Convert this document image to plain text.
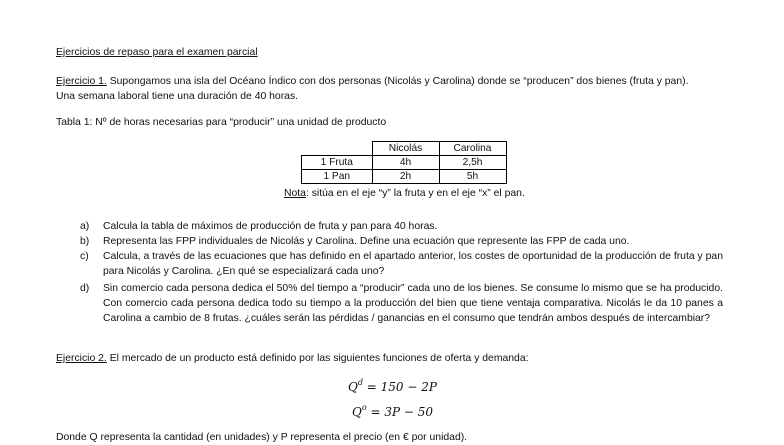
Ejercicios de repaso para el examen parcial
Ejercicio 1. Supongamos una isla del Océano Índico con dos personas (Nicolás y Carolina) donde se “producen” dos bienes (fruta y pan).
Una semana laboral tiene una duración de 40 horas.
Tabla 1: Nº de horas necesarias para “producir” una unidad de producto
	Nicolás	Carolina
1 Fruta	4h	2,5h
1 Pan	2h	5h
Nota: sitúa en el eje “y” la fruta y en el eje “x” el pan.
a) Calcula la tabla de máximos de producción de fruta y pan para 40 horas.
b) Representa las FPP individuales de Nicolás y Carolina. Define una ecuación que represente las FPP de cada uno.
c) Calcula, a través de las ecuaciones que has definido en el apartado anterior, los costes de oportunidad de la producción de fruta y pan para Nicolás y Carolina. ¿En qué se especializará cada uno?
d) Sin comercio cada persona dedica el 50% del tiempo a “producir” cada uno de los bienes. Se consume lo mismo que se ha producido. Con comercio cada persona dedica todo su tiempo a la producción del bien que tiene ventaja comparativa. Nicolás le da 10 panes a Carolina a cambio de 8 frutas. ¿cuáles serán las pérdidas / ganancias en el consumo que tendrán ambos después de intercambiar?
Ejercicio 2. El mercado de un producto está definido por las siguientes funciones de oferta y demanda:
$Q^d = 150 - 2P$
$Q^o = 3P - 50$
Donde Q representa la cantidad (en unidades) y P representa el precio (en € por unidad).
